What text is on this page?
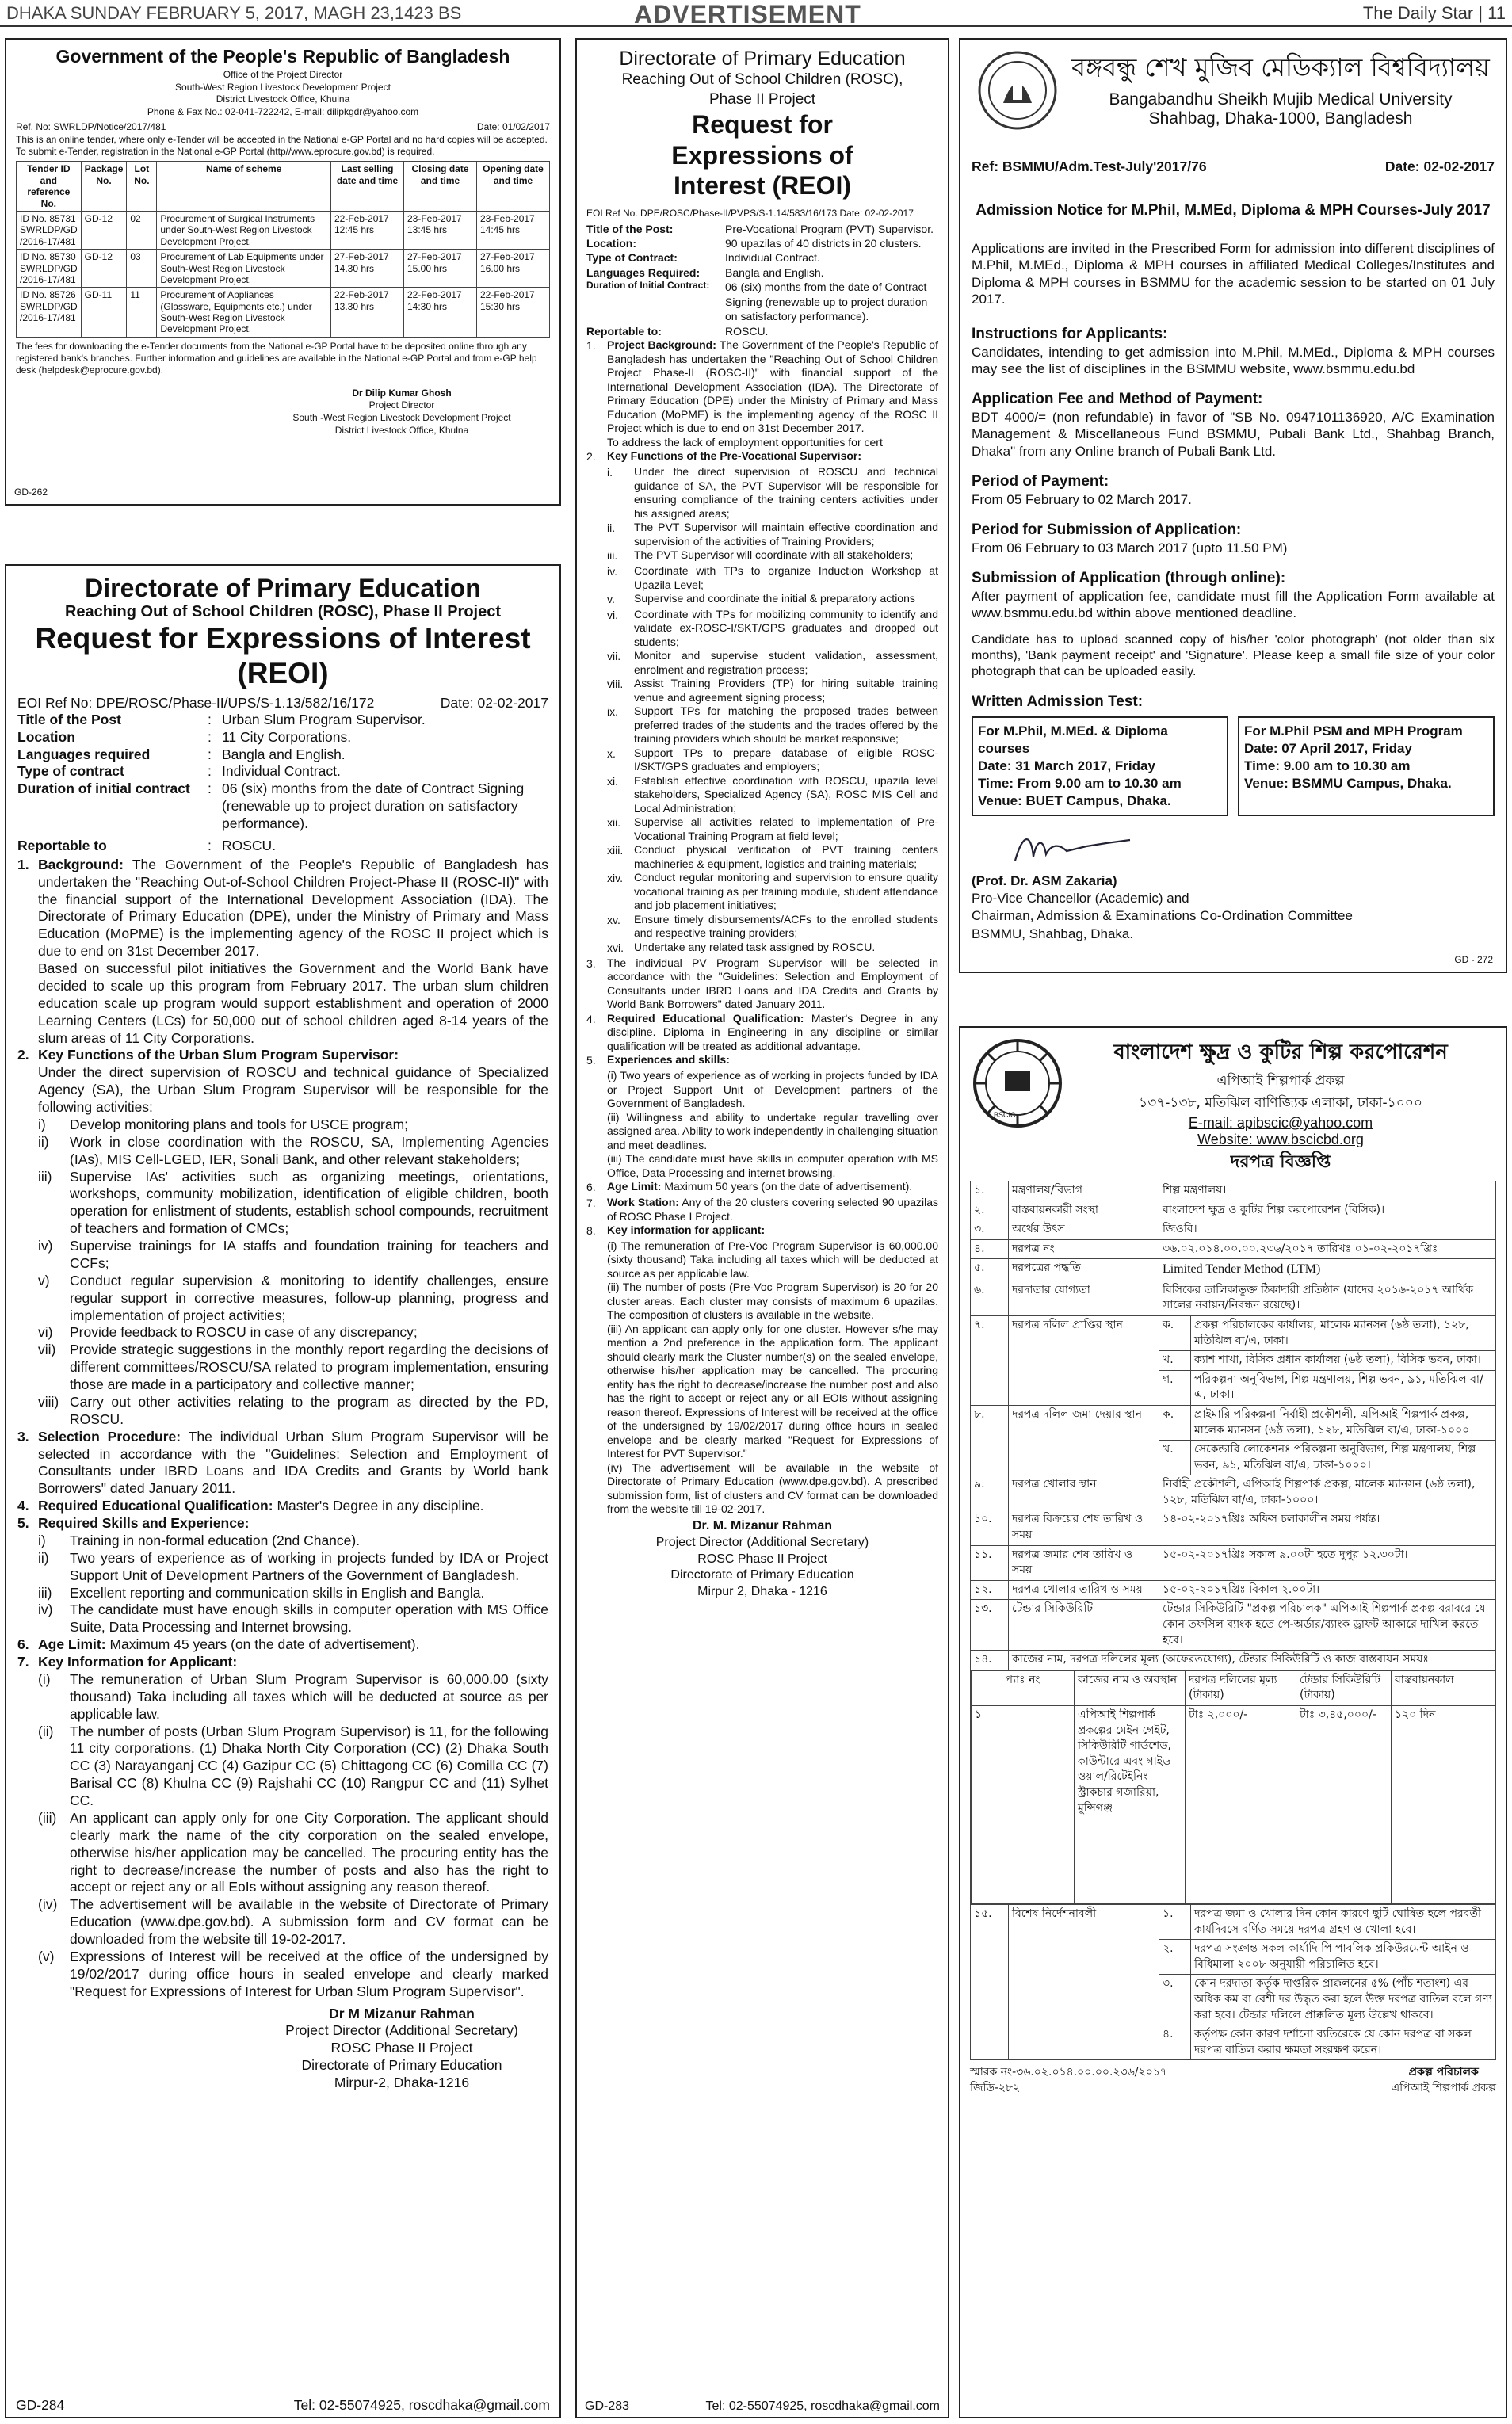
DHAKA SUNDAY FEBRUARY 5, 2017, MAGH 23,1423 BS	ADVERTISEMENT	The Daily Star | 11
Government of the People's Republic of Bangladesh
Office of the Project Director
South-West Region Livestock Development Project
District Livestock Office, Khulna
Phone & Fax No.: 02-041-722242, E-mail: dilipkgdr@yahoo.com
Ref. No: SWRLDP/Notice/2017/481	Date: 01/02/2017

This is an online tender, where only e-Tender will be accepted in the National e-GP Portal and no hard copies will be accepted. To submit e-Tender, registration in the National e-GP Portal (http//www.eprocure.gov.bd) is required.

Tender ID and reference No.	Package No.	Lot No.	Name of scheme	Last selling date and time	Closing date and time	Opening date and time
ID No. 85731 SWRLDP/GD /2016-17/481	GD-12	02	Procurement of Surgical Instruments under South-West Region Livestock Development Project.	22-Feb-2017 12:45 hrs	23-Feb-2017 13:45 hrs	23-Feb-2017 14:45 hrs
ID No. 85730 SWRLDP/GD /2016-17/481	GD-12	03	Procurement of Lab Equipments under South-West Region Livestock Development Project.	27-Feb-2017 14.30 hrs	27-Feb-2017 15.00 hrs	27-Feb-2017 16.00 hrs
ID No. 85726 SWRLDP/GD /2016-17/481	GD-11	11	Procurement of Appliances (Glassware, Equipments etc.) under South-West Region Livestock Development Project.	22-Feb-2017 13.30 hrs	22-Feb-2017 14:30 hrs	22-Feb-2017 15:30 hrs

The fees for downloading the e-Tender documents from the National e-GP Portal have to be deposited online through any registered bank's branches. Further information and guidelines are available in the National e-GP Portal and from e-GP help desk (helpdesk@eprocure.gov.bd).

Dr Dilip Kumar Ghosh
Project Director
South -West Region Livestock Development Project
District Livestock Office, Khulna
GD-262
Directorate of Primary Education
Reaching Out of School Children (ROSC), Phase II Project
Request for Expressions of Interest (REOI)
EOI Ref No: DPE/ROSC/Phase-II/UPS/S-1.13/582/16/172	Date: 02-02-2017
Title of the Post	: Urban Slum Program Supervisor.
Location	: 11 City Corporations.
Languages required	: Bangla and English.
Type of contract	: Individual Contract.
Duration of initial contract	: 06 (six) months from the date of Contract Signing (renewable up to project duration on satisfactory performance).
Reportable to	: ROSCU.
1. Background: The Government of the People's Republic of Bangladesh has undertaken the "Reaching Out-of-School Children Project-Phase II (ROSC-II)" with the financial support of the International Development Association (IDA). The Directorate of Primary Education (DPE), under the Ministry of Primary and Mass Education (MoPME) is the implementing agency of the ROSC II project which is due to end on 31st December 2017.

Based on successful pilot initiatives the Government and the World Bank have decided to scale up this program from February 2017. The urban slum children education scale up program would support establishment and operation of 2000 Learning Centers (LCs) for 50,000 out of school children aged 8-14 years of the slum areas of 11 City Corporations.

2. Key Functions of the Urban Slum Program Supervisor:

Under the direct supervision of ROSCU and technical guidance of Specialized Agency (SA), the Urban Slum Program Supervisor will be responsible for the following activities:

i)	Develop monitoring plans and tools for USCE program;

ii)	Work in close coordination with the ROSCU, SA, Implementing Agencies (IAs), MIS Cell-LGED, IER, Sonali Bank, and other relevant stakeholders;

iii)	Supervise IAs' activities such as organizing meetings, orientations, workshops, community mobilization, identification of eligible children, booth operation for enlistment of students, establish school compounds, recruitment of teachers and formation of CMCs;

iv)	Supervise trainings for IA staffs and foundation training for teachers and CCFs;

v)	Conduct regular supervision & monitoring to identify challenges, ensure regular support in corrective measures, follow-up planning, progress and implementation of project activities;

vi)	Provide feedback to ROSCU in case of any discrepancy;

vii)	Provide strategic suggestions in the monthly report regarding the decisions of different committees/ROSCU/SA related to program implementation, ensuring those are made in a participatory and collective manner;

viii) Carry out other activities relating to the program as directed by the PD, ROSCU.

3. Selection Procedure: The individual Urban Slum Program Supervisor will be selected in accordance with the "Guidelines: Selection and Employment of Consultants under IBRD Loans and IDA Credits and Grants by World bank Borrowers" dated January 2011.

4. Required Educational Qualification: Master's Degree in any discipline.

5. Required Skills and Experience:

i)	Training in non-formal education (2nd Chance).

ii)	Two years of experience as of working in projects funded by IDA or Project Support Unit of Development Partners of the Government of Bangladesh.

iii)	Excellent reporting and communication skills in English and Bangla.

iv)	The candidate must have enough skills in computer operation with MS Office Suite, Data Processing and Internet browsing.

6. Age Limit: Maximum 45 years (on the date of advertisement).

7. Key Information for Applicant:

(i)	The remuneration of Urban Slum Program Supervisor is 60,000.00 (sixty thousand) Taka including all taxes which will be deducted at source as per applicable law.

(ii)	The number of posts (Urban Slum Program Supervisor) is 11, for the following 11 city corporations. (1) Dhaka North City Corporation (CC) (2) Dhaka South CC (3) Narayanganj CC (4) Gazipur CC (5) Chittagong CC (6) Comilla CC (7) Barisal CC (8) Khulna CC (9) Rajshahi CC (10) Rangpur CC and (11) Sylhet CC.

(iii) An applicant can apply only for one City Corporation. The applicant should clearly mark the name of the city corporation on the sealed envelope, otherwise his/her application may be cancelled. The procuring entity has the right to decrease/increase the number of posts and also has the right to accept or reject any or all EoIs without assigning any reason thereof.

(iv) The advertisement will be available in the website of Directorate of Primary Education (www.dpe.gov.bd). A submission form and CV format can be downloaded from the website till 19-02-2017.

(v)	Expressions of Interest will be received at the office of the undersigned by 19/02/2017 during office hours in sealed envelope and clearly marked "Request for Expressions of Interest for Urban Slum Program Supervisor".

Dr M Mizanur Rahman
Project Director (Additional Secretary)
ROSC Phase II Project
Directorate of Primary Education
Mirpur-2, Dhaka-1216
GD-284	Tel: 02-55074925, roscdhaka@gmail.com
Directorate of Primary Education
Reaching Out of School Children (ROSC), Phase II Project
Request for Expressions of Interest (REOI)
EOI Ref No. DPE/ROSC/Phase-II/PVPS/S-1.14/583/16/173 Date: 02-02-2017
Title of the Post:	Pre-Vocational Program (PVT) Supervisor.
Location:	90 upazilas of 40 districts in 20 clusters.
Type of Contract:	Individual Contract.
Languages Required:	Bangla and English.
Duration of Initial Contract:	06 (six) months from the date of Contract Signing (renewable up to project duration on satisfactory performance).
Reportable to:	ROSCU.
1.	Project Background: The Government of the People's Republic of Bangladesh has undertaken the "Reaching Out of School Children Project Phase-II (ROSC-II)" with financial support of the International Development Association (IDA). The Directorate of Primary Education (DPE) under the Ministry of Primary and Mass Education (MoPME) is the implementing agency of the ROSC II Project which is due to end on 31st December 2017.

To address the lack of employment opportunities for cert

2.	Key Functions of the Pre-Vocational Supervisor:

i.	Under the direct supervision of ROSCU and technical guidance of SA, the PVT Supervisor will be responsible for ensuring compliance of the training centers activities under his assigned areas;

ii.	The PVT Supervisor will maintain effective coordination and supervision of the activities of Training Providers;

iii.	The PVT Supervisor will coordinate with all stakeholders;

iv.	Coordinate with TPs to organize Induction Workshop at Upazila Level;

v.	Supervise and coordinate the initial & preparatory actions

vi.	Coordinate with TPs for mobilizing community to identify and validate ex-ROSC-I/SKT/GPS graduates and dropped out students;

vii.	Monitor and supervise student validation, assessment, enrolment and registration process;

viii. Assist Training Providers (TP) for hiring suitable training venue and agreement signing process;

ix.	Support TPs for matching the proposed trades between preferred trades of the students and the trades offered by the training providers which should be market responsive;

x.	Support TPs to prepare database of eligible ROSC-I/SKT/GPS graduates and employers;

xi.	Establish effective coordination with ROSCU, upazila level stakeholders, Specialized Agency (SA), ROSC MIS Cell and Local Administration;

xii.	Supervise all activities related to implementation of Pre-Vocational Training Program at field level;

xiii. Conduct physical verification of PVT training centers machineries & equipment, logistics and training materials;

xiv.	Conduct regular monitoring and supervision to ensure quality vocational training as per training module, student attendance and job placement initiatives;

xv.	Ensure timely disbursements/ACFs to the enrolled students and respective training providers;

xvi. Undertake any related task assigned by ROSCU.

3.	The individual PV Program Supervisor will be selected in accordance with the "Guidelines: Selection and Employment of Consultants under IBRD Loans and IDA Credits and Grants by World Bank Borrowers" dated January 2011.

4.	Required Educational Qualification: Master's Degree in any discipline. Diploma in Engineering in any discipline or similar qualification will be treated as additional advantage.

5.	Experiences and skills:

(i) Two years of experience as of working in projects funded by IDA or Project Support Unit of Development partners of the Government of Bangladesh.

(ii) Willingness and ability to undertake regular travelling over assigned area. Ability to work independently in challenging situation and meet deadlines.

(iii) The candidate must have skills in computer operation with MS Office, Data Processing and internet browsing.

6.	Age Limit: Maximum 50 years (on the date of advertisement).

7.	Work Station: Any of the 20 clusters covering selected 90 upazilas of ROSC Phase I Project.

8.	Key information for applicant:

(i) The remuneration of Pre-Voc Program Supervisor is 60,000.00 (sixty thousand) Taka including all taxes which will be deducted at source as per applicable law.

(ii) The number of posts (Pre-Voc Program Supervisor) is 20 for 20 cluster areas. Each cluster may consists of maximum 6 upazilas. The composition of clusters is available in the website.

(iii) An applicant can apply only for one cluster. However s/he may mention a 2nd preference in the application form. The applicant should clearly mark the Cluster number(s) on the sealed envelope, otherwise his/her application may be cancelled. The procuring entity has the right to decrease/increase the number post and also has the right to accept or reject any or all EOIs without assigning reason thereof. Expressions of Interest will be received at the office of the undersigned by 19/02/2017 during office hours in sealed envelope and be clearly marked "Request for Expressions of Interest for PVT Supervisor."

(iv) The advertisement will be available in the website of Directorate of Primary Education (www.dpe.gov.bd). A prescribed submission form, list of clusters and CV format can be downloaded from the website till 19-02-2017.

Dr. M. Mizanur Rahman
Project Director (Additional Secretary)
ROSC Phase II Project
Directorate of Primary Education
Mirpur 2, Dhaka - 1216
GD-283	Tel: 02-55074925, roscdhaka@gmail.com
বঙ্গবন্ধু শেখ মুজিব মেডিক্যাল বিশ্ববিদ্যালয়
Bangabandhu Sheikh Mujib Medical University
Shahbag, Dhaka-1000, Bangladesh
Ref: BSMMU/Adm.Test-July'2017/76	Date: 02-02-2017
Admission Notice for M.Phil, M.MEd, Diploma & MPH Courses-July 2017

Applications are invited in the Prescribed Form for admission into different disciplines of M.Phil, M.MEd., Diploma & MPH courses in affiliated Medical Colleges/Institutes and Diploma & MPH courses in BSMMU for the academic session to be started on 01 July 2017.

Instructions for Applicants:

Candidates, intending to get admission into M.Phil, M.MEd., Diploma & MPH courses may see the list of disciplines in the BSMMU website, www.bsmmu.edu.bd

Application Fee and Method of Payment:

BDT 4000/= (non refundable) in favor of "SB No. 0947101136920, A/C Examination Management & Miscellaneous Fund BSMMU, Pubali Bank Ltd., Shahbag Branch, Dhaka" from any Online branch of Pubali Bank Ltd.

Period of Payment:

From 05 February to 02 March 2017.

Period for Submission of Application:

From 06 February to 03 March 2017 (upto 11.50 PM)

Submission of Application (through online):

After payment of application fee, candidate must fill the Application Form available at www.bsmmu.edu.bd within above mentioned deadline.

Candidate has to upload scanned copy of his/her 'color photograph' (not older than six months), 'Bank payment receipt' and 'Signature'. Please keep a small file size of your color photograph that can be uploaded easily.

Written Admission Test:

For M.Phil, M.MEd. & Diploma courses
Date: 31 March 2017, Friday
Time: From 9.00 am to 10.30 am
Venue: BUET Campus, Dhaka.
For M.Phil PSM and MPH Program
Date: 07 April 2017, Friday
Time: 9.00 am to 10.30 am
Venue: BSMMU Campus, Dhaka.
(Prof. Dr. ASM Zakaria)
Pro-Vice Chancellor (Academic) and
Chairman, Admission & Examinations Co-Ordination Committee
BSMMU, Shahbag, Dhaka.
GD - 272
বাংলাদেশ ক্ষুদ্র ও কুটির শিল্প করপোরেশন
এপিআই শিল্পপার্ক প্রকল্প
১৩৭-১৩৮, মতিঝিল বাণিজ্যিক এলাকা, ঢাকা-১০০০
E-mail: apibscic@yahoo.com
Website: www.bscicbd.org
দরপত্র বিজ্ঞপ্তি
BSCIC
১.	মন্ত্রণালয়/বিভাগ	শিল্প মন্ত্রণালয়।
২.	বাস্তবায়নকারী সংস্থা	বাংলাদেশ ক্ষুদ্র ও কুটির শিল্প করপোরেশন (বিসিক)।
৩.	অর্থের উৎস	জিওবি।
৪.	দরপত্র নং	৩৬.০২.০১৪.০০.০০.২৩৬/২০১৭ তারিখঃ ০১-০২-২০১৭খ্রিঃ
৫.	দরপত্রের পদ্ধতি	Limited Tender Method (LTM)
৬.	দরদাতার যোগ্যতা	বিসিকের তালিকাভুক্ত ঠিকাদারী প্রতিষ্ঠান (যাদের ২০১৬-২০১৭ আর্থিক সালের নবায়ন/নিবন্ধন রয়েছে)।
৭.	দরপত্র দলিল প্রাপ্তির স্থান	ক.	প্রকল্প পরিচালকের কার্যালয়, মালেক ম্যানসন (৬ষ্ঠ তলা), ১২৮, মতিঝিল বা/এ, ঢাকা।
খ.	ক্যাশ শাখা, বিসিক প্রধান কার্যালয় (৬ষ্ঠ তলা), বিসিক ভবন, ঢাকা।
গ.	পরিকল্পনা অনুবিভাগ, শিল্প মন্ত্রণালয়, শিল্প ভবন, ৯১, মতিঝিল বা/এ, ঢাকা।
৮.	দরপত্র দলিল জমা দেয়ার স্থান	ক.	প্রাইমারি পরিকল্পনা নির্বাহী প্রকৌশলী, এপিআই শিল্পপার্ক প্রকল্প, মালেক ম্যানসন (৬ষ্ঠ তলা), ১২৮, মতিঝিল বা/এ, ঢাকা-১০০০।
খ.	সেকেন্ডারি লোকেশনঃ পরিকল্পনা অনুবিভাগ, শিল্প মন্ত্রণালয়, শিল্প ভবন, ৯১, মতিঝিল বা/এ, ঢাকা-১০০০।
৯.	দরপত্র খোলার স্থান	নির্বাহী প্রকৌশলী, এপিআই শিল্পপার্ক প্রকল্প, মালেক ম্যানসন (৬ষ্ঠ তলা), ১২৮, মতিঝিল বা/এ, ঢাকা-১০০০।
১০.	দরপত্র বিক্রয়ের শেষ তারিখ ও সময়	১৪-০২-২০১৭খ্রিঃ অফিস চলাকালীন সময় পর্যন্ত।
১১.	দরপত্র জমার শেষ তারিখ ও সময়	১৫-০২-২০১৭খ্রিঃ সকাল ৯.০০টা হতে দুপুর ১২.৩০টা।
১২.	দরপত্র খোলার তারিখ ও সময়	১৫-০২-২০১৭খ্রিঃ বিকাল ২.০০টা।
১৩.	টেন্ডার সিকিউরিটি	টেন্ডার সিকিউরিটি "প্রকল্প পরিচালক" এপিআই শিল্পপার্ক প্রকল্প বরাবরে যে কোন তফসিল ব্যাংক হতে পে-অর্ডার/ব্যাংক ড্রাফট আকারে দাখিল করতে হবে।
১৪.	কাজের নাম, দরপত্র দলিলের মূল্য (অফেরতযোগ্য), টেন্ডার সিকিউরিটি ও কাজ বাস্তবায়ন সময়ঃ

প্যাঃ নং	কাজের নাম ও অবস্থান	দরপত্র দলিলের মূল্য (টাকায়)	টেন্ডার সিকিউরিটি (টাকায়)	বাস্তবায়নকাল
১	এপিআই শিল্পপার্ক প্রকল্পের মেইন গেইট, সিকিউরিটি গার্ডশেড, কাউন্টারে এবং গাইড ওয়াল/রিটেইনিং স্ট্রাকচার গজারিয়া, মুন্সিগঞ্জ	টাঃ ২,০০০/-	টাঃ ৩,৪৫,০০০/-	১২০ দিন

১৫.	বিশেষ নির্দেশনাবলী	১.	দরপত্র জমা ও খোলার দিন কোন কারণে ছুটি ঘোষিত হলে পরবর্তী কার্যদিবসে বর্ণিত সময়ে দরপত্র গ্রহণ ও খোলা হবে।
২.	দরপত্র সংক্রান্ত সকল কার্যাদি পি পাবলিক প্রকিউরমেন্ট আইন ও বিধিমালা ২০০৮ অনুযায়ী পরিচালিত হবে।
৩.	কোন দরদাতা কর্তৃক দাপ্তরিক প্রাক্কলনের ৫% (পাঁচ শতাংশ) এর অধিক কম বা বেশী দর উদ্ধৃত করা হলে উক্ত দরপত্র বাতিল বলে গণ্য করা হবে। টেন্ডার দলিলে প্রাক্কলিত মূল্য উল্লেখ থাকবে।
৪.	কর্তৃপক্ষ কোন কারণ দর্শানো ব্যতিরেকে যে কোন দরপত্র বা সকল দরপত্র বাতিল করার ক্ষমতা সংরক্ষণ করেন।
স্মারক নং-৩৬.০২.০১৪.০০.০০.২৩৬/২০১৭
জিডি-২৮২
প্রকল্প পরিচালক
এপিআই শিল্পপার্ক প্রকল্প
